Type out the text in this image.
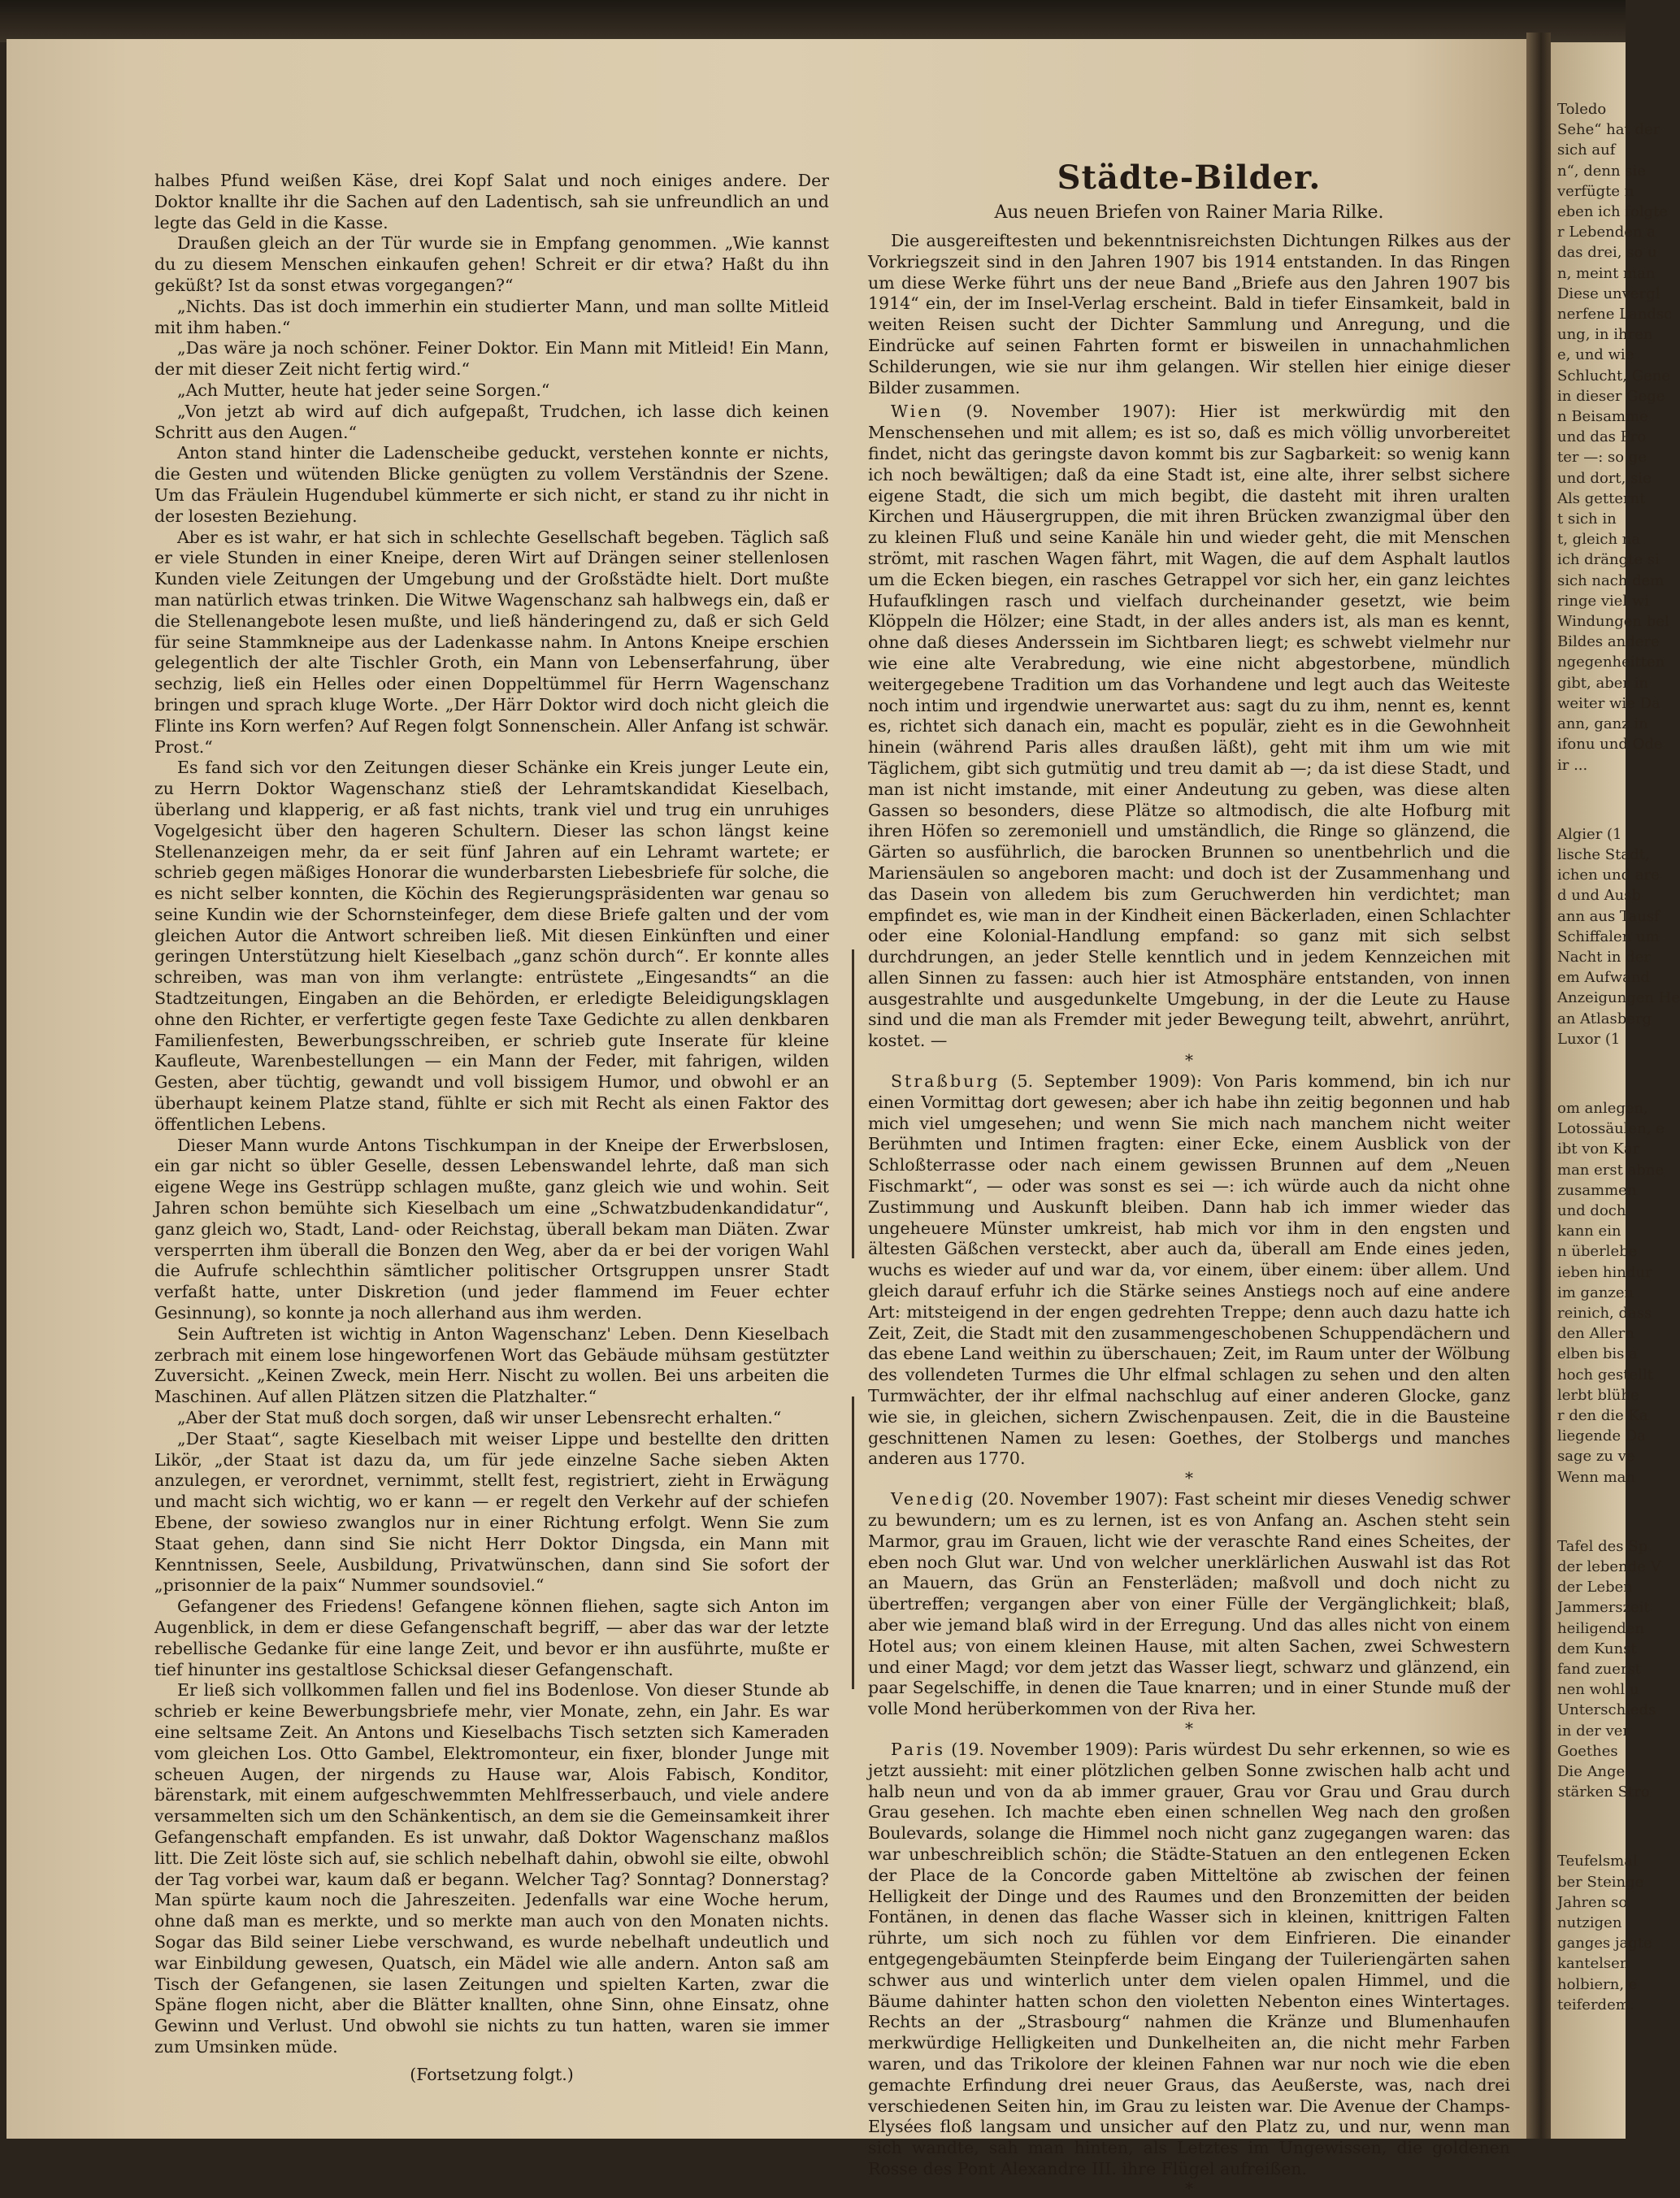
halbes Pfund weißen Käse, drei Kopf Salat und noch einiges andere. Der Doktor knallte ihr die Sachen auf den Ladentisch, sah sie unfreundlich an und legte das Geld in die Kasse.

Draußen gleich an der Tür wurde sie in Empfang genommen. „Wie kannst du zu diesem Menschen einkaufen gehen! Schreit er dir etwa? Haßt du ihn geküßt? Ist da sonst etwas vorgegangen?“

„Nichts. Das ist doch immerhin ein studierter Mann, und man sollte Mitleid mit ihm haben.“

„Das wäre ja noch schöner. Feiner Doktor. Ein Mann mit Mitleid! Ein Mann, der mit dieser Zeit nicht fertig wird.“

„Ach Mutter, heute hat jeder seine Sorgen.“

„Von jetzt ab wird auf dich aufgepaßt, Trudchen, ich lasse dich keinen Schritt aus den Augen.“

Anton stand hinter die Ladenscheibe geduckt, verstehen konnte er nichts, die Gesten und wütenden Blicke genügten zu vollem Verständnis der Szene. Um das Fräulein Hugendubel kümmerte er sich nicht, er stand zu ihr nicht in der losesten Beziehung.

Aber es ist wahr, er hat sich in schlechte Gesellschaft begeben. Täglich saß er viele Stunden in einer Kneipe, deren Wirt auf Drängen seiner stellenlosen Kunden viele Zeitungen der Umgebung und der Großstädte hielt. Dort mußte man natürlich etwas trinken. Die Witwe Wagenschanz sah halbwegs ein, daß er die Stellenangebote lesen mußte, und ließ händeringend zu, daß er sich Geld für seine Stammkneipe aus der Ladenkasse nahm. In Antons Kneipe erschien gelegentlich der alte Tischler Groth, ein Mann von Lebenserfahrung, über sechzig, ließ ein Helles oder einen Doppeltümmel für Herrn Wagenschanz bringen und sprach kluge Worte. „Der Härr Doktor wird doch nicht gleich die Flinte ins Korn werfen? Auf Regen folgt Sonnenschein. Aller Anfang ist schwär. Prost.“

Es fand sich vor den Zeitungen dieser Schänke ein Kreis junger Leute ein, zu Herrn Doktor Wagenschanz stieß der Lehramtskandidat Kieselbach, überlang und klapperig, er aß fast nichts, trank viel und trug ein unruhiges Vogelgesicht über den hageren Schultern. Dieser las schon längst keine Stellenanzeigen mehr, da er seit fünf Jahren auf ein Lehramt wartete; er schrieb gegen mäßiges Honorar die wunderbarsten Liebesbriefe für solche, die es nicht selber konnten, die Köchin des Regierungspräsidenten war genau so seine Kundin wie der Schornsteinfeger, dem diese Briefe galten und der vom gleichen Autor die Antwort schreiben ließ. Mit diesen Einkünften und einer geringen Unterstützung hielt Kieselbach „ganz schön durch“. Er konnte alles schreiben, was man von ihm verlangte: entrüstete „Eingesandts“ an die Stadtzeitungen, Eingaben an die Behörden, er erledigte Beleidigungsklagen ohne den Richter, er verfertigte gegen feste Taxe Gedichte zu allen denkbaren Familienfesten, Bewerbungsschreiben, er schrieb gute Inserate für kleine Kaufleute, Warenbestellungen — ein Mann der Feder, mit fahrigen, wilden Gesten, aber tüchtig, gewandt und voll bissigem Humor, und obwohl er an überhaupt keinem Platze stand, fühlte er sich mit Recht als einen Faktor des öffentlichen Lebens.

Dieser Mann wurde Antons Tischkumpan in der Kneipe der Erwerbslosen, ein gar nicht so übler Geselle, dessen Lebenswandel lehrte, daß man sich eigene Wege ins Gestrüpp schlagen mußte, ganz gleich wie und wohin. Seit Jahren schon bemühte sich Kieselbach um eine „Schwatzbudenkandidatur“, ganz gleich wo, Stadt, Land- oder Reichstag, überall bekam man Diäten. Zwar versperrten ihm überall die Bonzen den Weg, aber da er bei der vorigen Wahl die Aufrufe schlechthin sämtlicher politischer Ortsgruppen unsrer Stadt verfaßt hatte, unter Diskretion (und jeder flammend im Feuer echter Gesinnung), so konnte ja noch allerhand aus ihm werden.

Sein Auftreten ist wichtig in Anton Wagenschanz' Leben. Denn Kieselbach zerbrach mit einem lose hingeworfenen Wort das Gebäude mühsam gestützter Zuversicht. „Keinen Zweck, mein Herr. Nischt zu wollen. Bei uns arbeiten die Maschinen. Auf allen Plätzen sitzen die Platzhalter.“

„Aber der Stat muß doch sorgen, daß wir unser Lebensrecht erhalten.“

„Der Staat“, sagte Kieselbach mit weiser Lippe und bestellte den dritten Likör, „der Staat ist dazu da, um für jede einzelne Sache sieben Akten anzulegen, er verordnet, vernimmt, stellt fest, registriert, zieht in Erwägung und macht sich wichtig, wo er kann — er regelt den Verkehr auf der schiefen Ebene, der sowieso zwanglos nur in einer Richtung erfolgt. Wenn Sie zum Staat gehen, dann sind Sie nicht Herr Doktor Dingsda, ein Mann mit Kenntnissen, Seele, Ausbildung, Privatwünschen, dann sind Sie sofort der „prisonnier de la paix“ Nummer soundsoviel.“

Gefangener des Friedens! Gefangene können fliehen, sagte sich Anton im Augenblick, in dem er diese Gefangenschaft begriff, — aber das war der letzte rebellische Gedanke für eine lange Zeit, und bevor er ihn ausführte, mußte er tief hinunter ins gestaltlose Schicksal dieser Gefangenschaft.

Er ließ sich vollkommen fallen und fiel ins Bodenlose. Von dieser Stunde ab schrieb er keine Bewerbungsbriefe mehr, vier Monate, zehn, ein Jahr. Es war eine seltsame Zeit. An Antons und Kieselbachs Tisch setzten sich Kameraden vom gleichen Los. Otto Gambel, Elektromonteur, ein fixer, blonder Junge mit scheuen Augen, der nirgends zu Hause war, Alois Fabisch, Konditor, bärenstark, mit einem aufgeschwemmten Mehlfresserbauch, und viele andere versammelten sich um den Schänkentisch, an dem sie die Gemeinsamkeit ihrer Gefangenschaft empfanden. Es ist unwahr, daß Doktor Wagenschanz maßlos litt. Die Zeit löste sich auf, sie schlich nebelhaft dahin, obwohl sie eilte, obwohl der Tag vorbei war, kaum daß er begann. Welcher Tag? Sonntag? Donnerstag? Man spürte kaum noch die Jahreszeiten. Jedenfalls war eine Woche herum, ohne daß man es merkte, und so merkte man auch von den Monaten nichts. Sogar das Bild seiner Liebe verschwand, es wurde nebelhaft undeutlich und war Einbildung gewesen, Quatsch, ein Mädel wie alle andern. Anton saß am Tisch der Gefangenen, sie lasen Zeitungen und spielten Karten, zwar die Späne flogen nicht, aber die Blätter knallten, ohne Sinn, ohne Einsatz, ohne Gewinn und Verlust. Und obwohl sie nichts zu tun hatten, waren sie immer zum Umsinken müde.

(Fortsetzung folgt.)

Städte-Bilder.

Aus neuen Briefen von Rainer Maria Rilke.

Die ausgereiftesten und bekenntnisreichsten Dichtungen Rilkes aus der Vorkriegszeit sind in den Jahren 1907 bis 1914 entstanden. In das Ringen um diese Werke führt uns der neue Band „Briefe aus den Jahren 1907 bis 1914“ ein, der im Insel-Verlag erscheint. Bald in tiefer Einsamkeit, bald in weiten Reisen sucht der Dichter Sammlung und Anregung, und die Eindrücke auf seinen Fahrten formt er bisweilen in unnachahmlichen Schilderungen, wie sie nur ihm gelangen. Wir stellen hier einige dieser Bilder zusammen.

Wien (9. November 1907): Hier ist merkwürdig mit den Menschensehen und mit allem; es ist so, daß es mich völlig unvorbereitet findet, nicht das geringste davon kommt bis zur Sagbarkeit: so wenig kann ich noch bewältigen; daß da eine Stadt ist, eine alte, ihrer selbst sichere eigene Stadt, die sich um mich begibt, die dasteht mit ihren uralten Kirchen und Häusergruppen, die mit ihren Brücken zwanzigmal über den zu kleinen Fluß und seine Kanäle hin und wieder geht, die mit Menschen strömt, mit raschen Wagen fährt, mit Wagen, die auf dem Asphalt lautlos um die Ecken biegen, ein rasches Getrappel vor sich her, ein ganz leichtes Hufaufklingen rasch und vielfach durcheinander gesetzt, wie beim Klöppeln die Hölzer; eine Stadt, in der alles anders ist, als man es kennt, ohne daß dieses Anderssein im Sichtbaren liegt; es schwebt vielmehr nur wie eine alte Verabredung, wie eine nicht abgestorbene, mündlich weitergegebene Tradition um das Vorhandene und legt auch das Weiteste noch intim und irgendwie unerwartet aus: sagt du zu ihm, nennt es, kennt es, richtet sich danach ein, macht es populär, zieht es in die Gewohnheit hinein (während Paris alles draußen läßt), geht mit ihm um wie mit Täglichem, gibt sich gutmütig und treu damit ab —; da ist diese Stadt, und man ist nicht imstande, mit einer Andeutung zu geben, was diese alten Gassen so besonders, diese Plätze so altmodisch, die alte Hofburg mit ihren Höfen so zeremoniell und umständlich, die Ringe so glänzend, die Gärten so ausführlich, die barocken Brunnen so unentbehrlich und die Mariensäulen so angeboren macht: und doch ist der Zusammenhang und das Dasein von alledem bis zum Geruchwerden hin verdichtet; man empfindet es, wie man in der Kindheit einen Bäckerladen, einen Schlachter oder eine Kolonial-Handlung empfand: so ganz mit sich selbst durchdrungen, an jeder Stelle kenntlich und in jedem Kennzeichen mit allen Sinnen zu fassen: auch hier ist Atmosphäre entstanden, von innen ausgestrahlte und ausgedunkelte Umgebung, in der die Leute zu Hause sind und die man als Fremder mit jeder Bewegung teilt, abwehrt, anrührt, kostet. —

*

Straßburg (5. September 1909): Von Paris kommend, bin ich nur einen Vormittag dort gewesen; aber ich habe ihn zeitig begonnen und hab mich viel umgesehen; und wenn Sie mich nach manchem nicht weiter Berühmten und Intimen fragten: einer Ecke, einem Ausblick von der Schloßterrasse oder nach einem gewissen Brunnen auf dem „Neuen Fischmarkt“, — oder was sonst es sei —: ich würde auch da nicht ohne Zustimmung und Auskunft bleiben. Dann hab ich immer wieder das ungeheuere Münster umkreist, hab mich vor ihm in den engsten und ältesten Gäßchen versteckt, aber auch da, überall am Ende eines jeden, wuchs es wieder auf und war da, vor einem, über einem: über allem. Und gleich darauf erfuhr ich die Stärke seines Anstiegs noch auf eine andere Art: mitsteigend in der engen gedrehten Treppe; denn auch dazu hatte ich Zeit, Zeit, die Stadt mit den zusammengeschobenen Schuppendächern und das ebene Land weithin zu überschauen; Zeit, im Raum unter der Wölbung des vollendeten Turmes die Uhr elfmal schlagen zu sehen und den alten Turmwächter, der ihr elfmal nachschlug auf einer anderen Glocke, ganz wie sie, in gleichen, sichern Zwischenpausen. Zeit, die in die Bausteine geschnittenen Namen zu lesen: Goethes, der Stolbergs und manches anderen aus 1770.

*

Venedig (20. November 1907): Fast scheint mir dieses Venedig schwer zu bewundern; um es zu lernen, ist es von Anfang an. Aschen steht sein Marmor, grau im Grauen, licht wie der veraschte Rand eines Scheites, der eben noch Glut war. Und von welcher unerklärlichen Auswahl ist das Rot an Mauern, das Grün an Fensterläden; maßvoll und doch nicht zu übertreffen; vergangen aber von einer Fülle der Vergänglichkeit; blaß, aber wie jemand blaß wird in der Erregung. Und das alles nicht von einem Hotel aus; von einem kleinen Hause, mit alten Sachen, zwei Schwestern und einer Magd; vor dem jetzt das Wasser liegt, schwarz und glänzend, ein paar Segelschiffe, in denen die Taue knarren; und in einer Stunde muß der volle Mond herüberkommen von der Riva her.

*

Paris (19. November 1909): Paris würdest Du sehr erkennen, so wie es jetzt aussieht: mit einer plötzlichen gelben Sonne zwischen halb acht und halb neun und von da ab immer grauer, Grau vor Grau und Grau durch Grau gesehen. Ich machte eben einen schnellen Weg nach den großen Boulevards, solange die Himmel noch nicht ganz zugegangen waren: das war unbeschreiblich schön; die Städte-Statuen an den entlegenen Ecken der Place de la Concorde gaben Mitteltöne ab zwischen der feinen Helligkeit der Dinge und des Raumes und den Bronzemitten der beiden Fontänen, in denen das flache Wasser sich in kleinen, knittrigen Falten rührte, um sich noch zu fühlen vor dem Einfrieren. Die einander entgegengebäumten Steinpferde beim Eingang der Tuileriengärten sahen schwer aus und winterlich unter dem vielen opalen Himmel, und die Bäume dahinter hatten schon den violetten Nebenton eines Wintertages. Rechts an der „Strasbourg“ nahmen die Kränze und Blumenhaufen merkwürdige Helligkeiten und Dunkelheiten an, die nicht mehr Farben waren, und das Trikolore der kleinen Fahnen war nur noch wie die eben gemachte Erfindung drei neuer Graus, das Aeußerste, was, nach drei verschiedenen Seiten hin, im Grau zu leisten war. Die Avenue der Champs-Elysées floß langsam und unsicher auf den Platz zu, und nur, wenn man sich wandte, sah man hinten, als Letztes im Ungewissen, die goldenen Rosse des Pont Alexandre III. ihre Flügel aufreißen.

*

Toledo

Sehe“ hat der

sich auf

n“, denn sie

verfügte n

eben ich folgte

r Lebenden a

das drei, so u

n, meint man

Diese unvergl

nerfene Landsc

ung, in ihren

e, und wie

Schlucht, Gene

in dieser Gege

n Beisamme

und das Pro

ter —: so ge

und dort, sie

Als getternt

t sich in

t, gleich na

ich drängte si

sich nach dem

ringe viel wi

Windungen bel

Bildes andere

ngegenheitten

gibt, aber in

weiter wie Da

ann, ganz in

ifonu und Ode

ir ...

Algier (1

lische Stadt,

ichen und are

d und Ausb

ann aus Tausf

Schiffalen um

Nacht in der

em Aufwand

Anzeigungen He

an Atlasberg

Luxor (1

om anlegen,

Lotossäulen, e

ibt von Kar

man erst abne

zusammen

und doch

kann ein

n überlebe

ieben hindur

im ganzen

reinich, dass

den Allern

elben bis a

hoch gestellt

lerbt blühe

r den die Ka

liegende Da

sage zu ve

Wenn man

Tafel des Sp

der lebende V

der Leben

Jammerszeit

heiligenden

dem Kunst

fand zuerst

nen wohl u

Unterschieds

in der ver

Goethes

Die Ange

stärken Stro

Teufelsmal

ber Steinge

Jahren so

nutzigen

ganges jagte

kantelsen

holbiern, e

teiferdem.
